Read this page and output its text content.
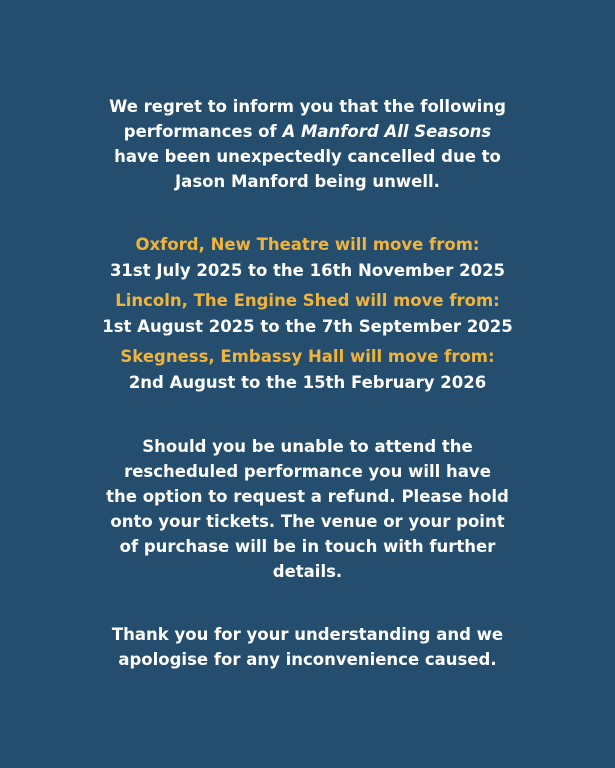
We regret to inform you that the following
performances of A Manford All Seasons
have been unexpectedly cancelled due to
Jason Manford being unwell.
Oxford, New Theatre will move from:
31st July 2025 to the 16th November 2025
Lincoln, The Engine Shed will move from:
1st August 2025 to the 7th September 2025
Skegness, Embassy Hall will move from:
2nd August to the 15th February 2026
Should you be unable to attend the
rescheduled performance you will have
the option to request a refund. Please hold
onto your tickets. The venue or your point
of purchase will be in touch with further
details.
Thank you for your understanding and we
apologise for any inconvenience caused.
